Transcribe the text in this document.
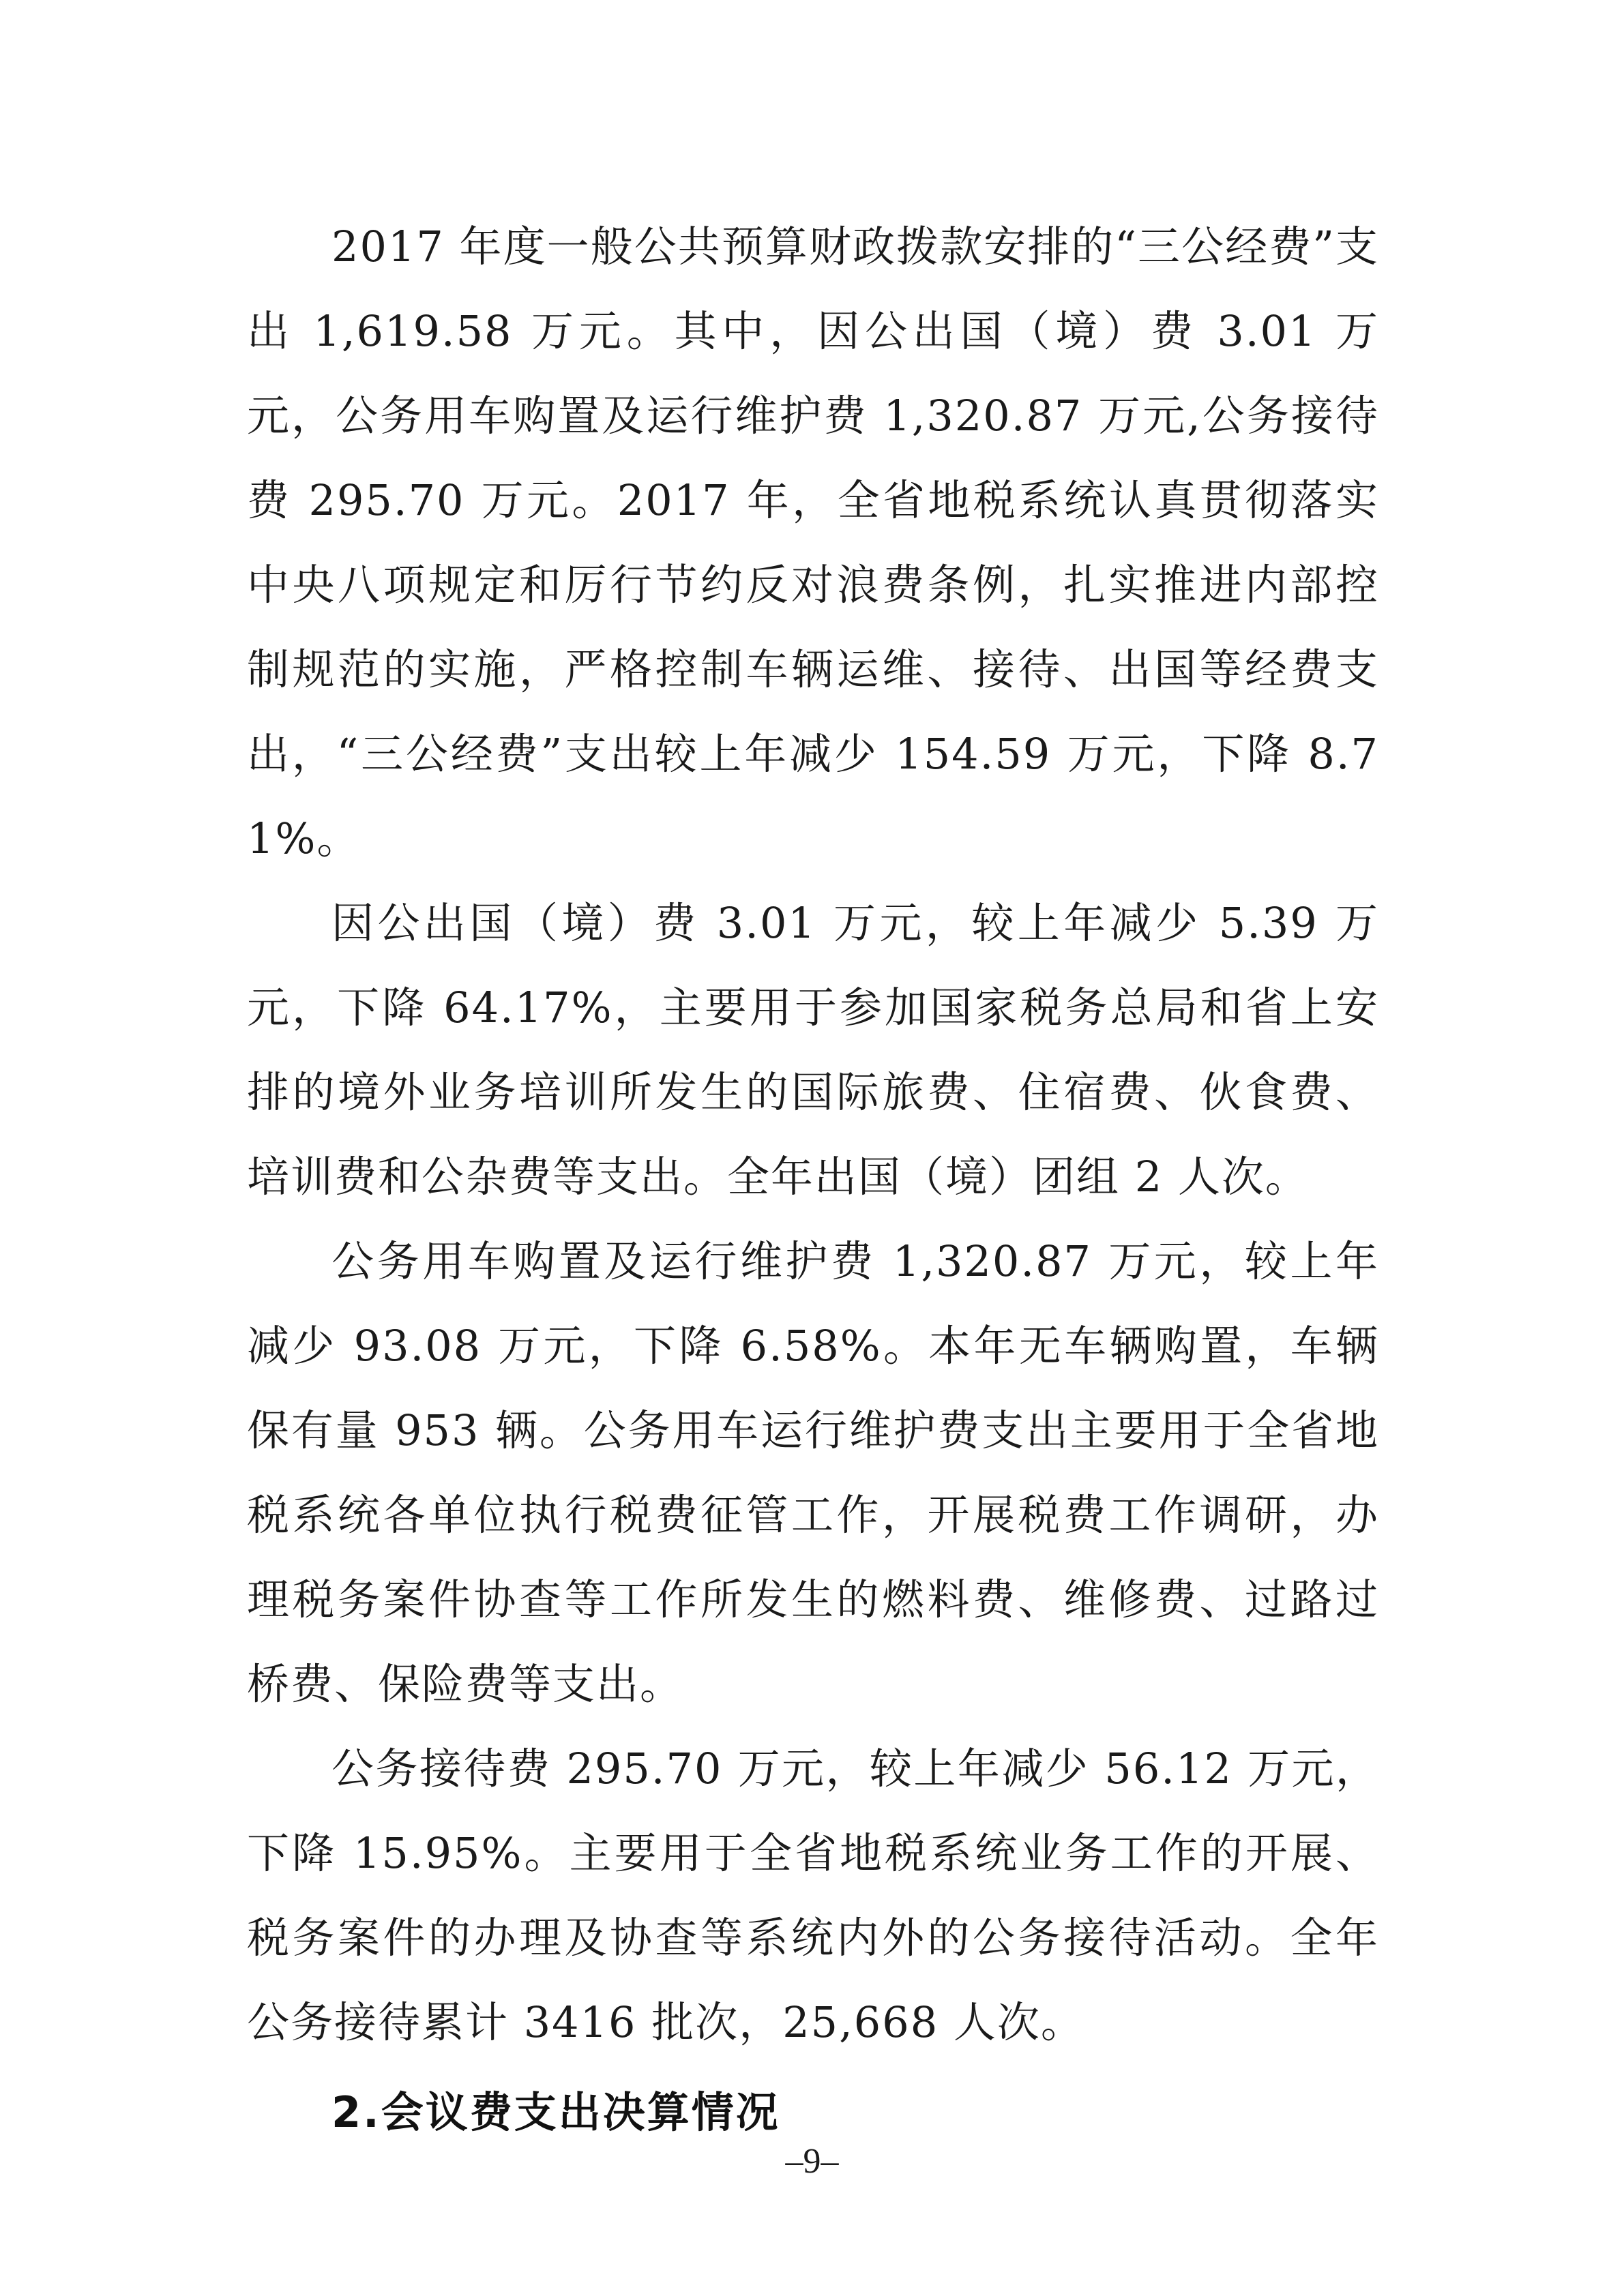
2017 年度一般公共预算财政拨款安排的“三公经费”支出 1,619.58 万元。其中，因公出国（境）费 3.01 万元，公务用车购置及运行维护费 1,320.87 万元,公务接待费 295.70 万元。2017 年，全省地税系统认真贯彻落实中央八项规定和厉行节约反对浪费条例，扎实推进内部控制规范的实施，严格控制车辆运维、接待、出国等经费支出，“三公经费”支出较上年减少 154.59 万元，下降 8.71%。

因公出国（境）费 3.01 万元，较上年减少 5.39 万元，下降 64.17%，主要用于参加国家税务总局和省上安排的境外业务培训所发生的国际旅费、住宿费、伙食费、培训费和公杂费等支出。全年出国（境）团组 2 人次。

公务用车购置及运行维护费 1,320.87 万元，较上年减少 93.08 万元，下降 6.58%。本年无车辆购置，车辆保有量 953 辆。公务用车运行维护费支出主要用于全省地税系统各单位执行税费征管工作，开展税费工作调研，办理税务案件协查等工作所发生的燃料费、维修费、过路过桥费、保险费等支出。

公务接待费 295.70 万元，较上年减少 56.12 万元，下降 15.95%。主要用于全省地税系统业务工作的开展、税务案件的办理及协查等系统内外的公务接待活动。全年公务接待累计 3416 批次，25,668 人次。

2.会议费支出决算情况
–9–
